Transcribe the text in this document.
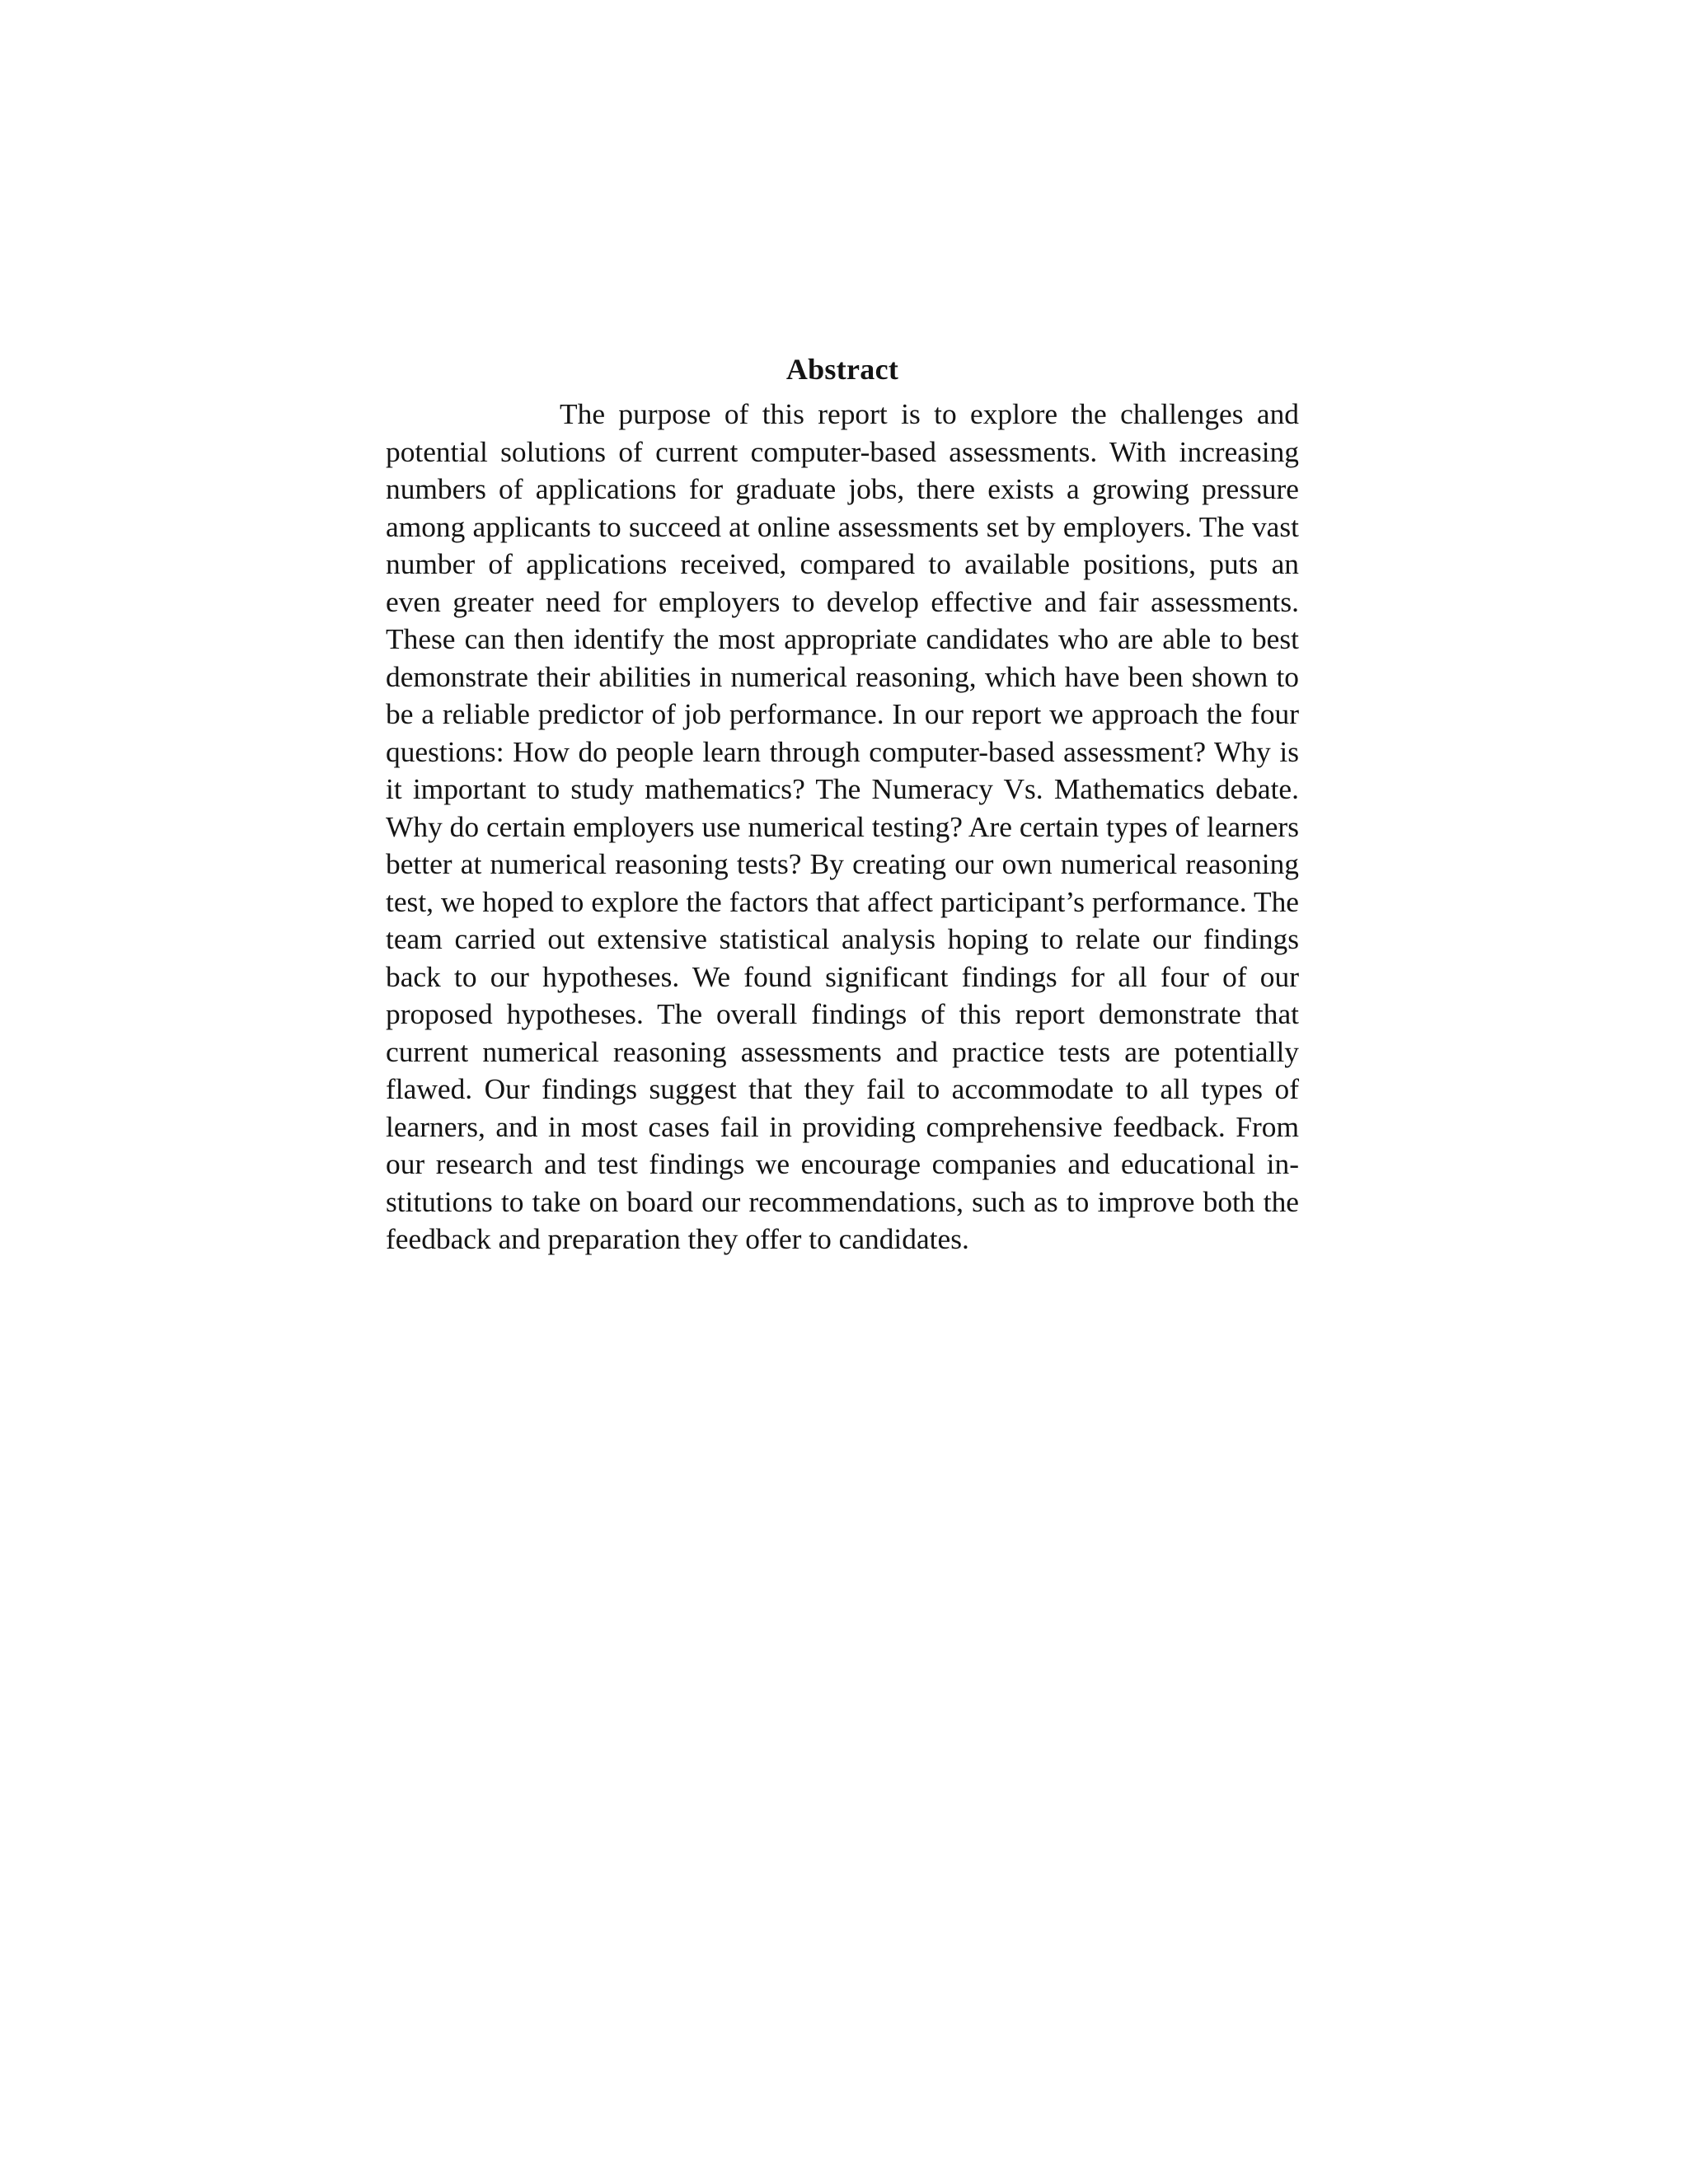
Abstract

The purpose of this report is to explore the challenges and potential solutions of current computer-based assessments. With increasing numbers of applications for graduate jobs, there exists a growing pressure among applicants to succeed at online assessments set by employers. The vast number of applications received, compared to available positions, puts an even greater need for employers to develop effective and fair assessments. These can then identify the most appropriate candidates who are able to best demonstrate their abilities in numerical reasoning, which have been shown to be a reliable predictor of job performance. In our report we approach the four questions: How do people learn through computer-based assessment? Why is it important to study mathematics? The Numeracy Vs. Mathematics debate. Why do certain employers use numerical testing? Are certain types of learners better at numerical reasoning tests? By creating our own numerical reasoning test, we hoped to explore the factors that affect participant’s performance. The team carried out extensive statistical analysis hoping to relate our findings back to our hypotheses. We found significant findings for all four of our proposed hypotheses. The overall findings of this report demonstrate that current numerical reasoning assessments and practice tests are potentially flawed. Our findings suggest that they fail to accommodate to all types of learners, and in most cases fail in providing comprehensive feedback. From our research and test findings we encourage companies and educational institutions to take on board our recommendations, such as to improve both the feedback and preparation they offer to candidates.
